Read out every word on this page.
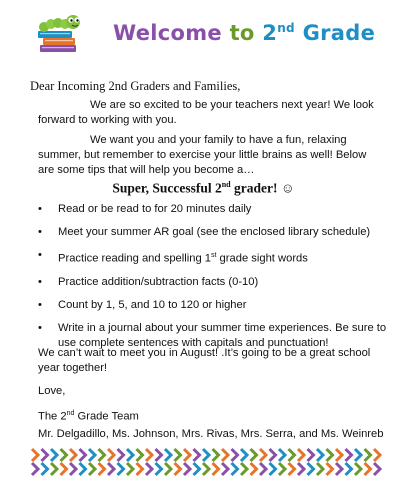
Welcome to 2nd Grade
Dear Incoming 2nd Graders and Families,
We are so excited to be your teachers next year! We look forward to working with you.
We want you and your family to have a fun, relaxing summer, but remember to exercise your little brains as well! Below are some tips that will help you become a…
Super, Successful 2nd grader! ☺
• Read or be read to for 20 minutes daily
• Meet your summer AR goal (see the enclosed library schedule)
• Practice reading and spelling 1st grade sight words
• Practice addition/subtraction facts (0-10)
• Count by 1, 5, and 10 to 120 or higher
• Write in a journal about your summer time experiences. Be sure to use complete sentences with capitals and punctuation!
We can’t wait to meet you in August! .It’s going to be a great school year together!
Love,
The 2nd Grade Team
Mr. Delgadillo, Ms. Johnson, Mrs. Rivas, Mrs. Serra, and Ms. Weinreb
